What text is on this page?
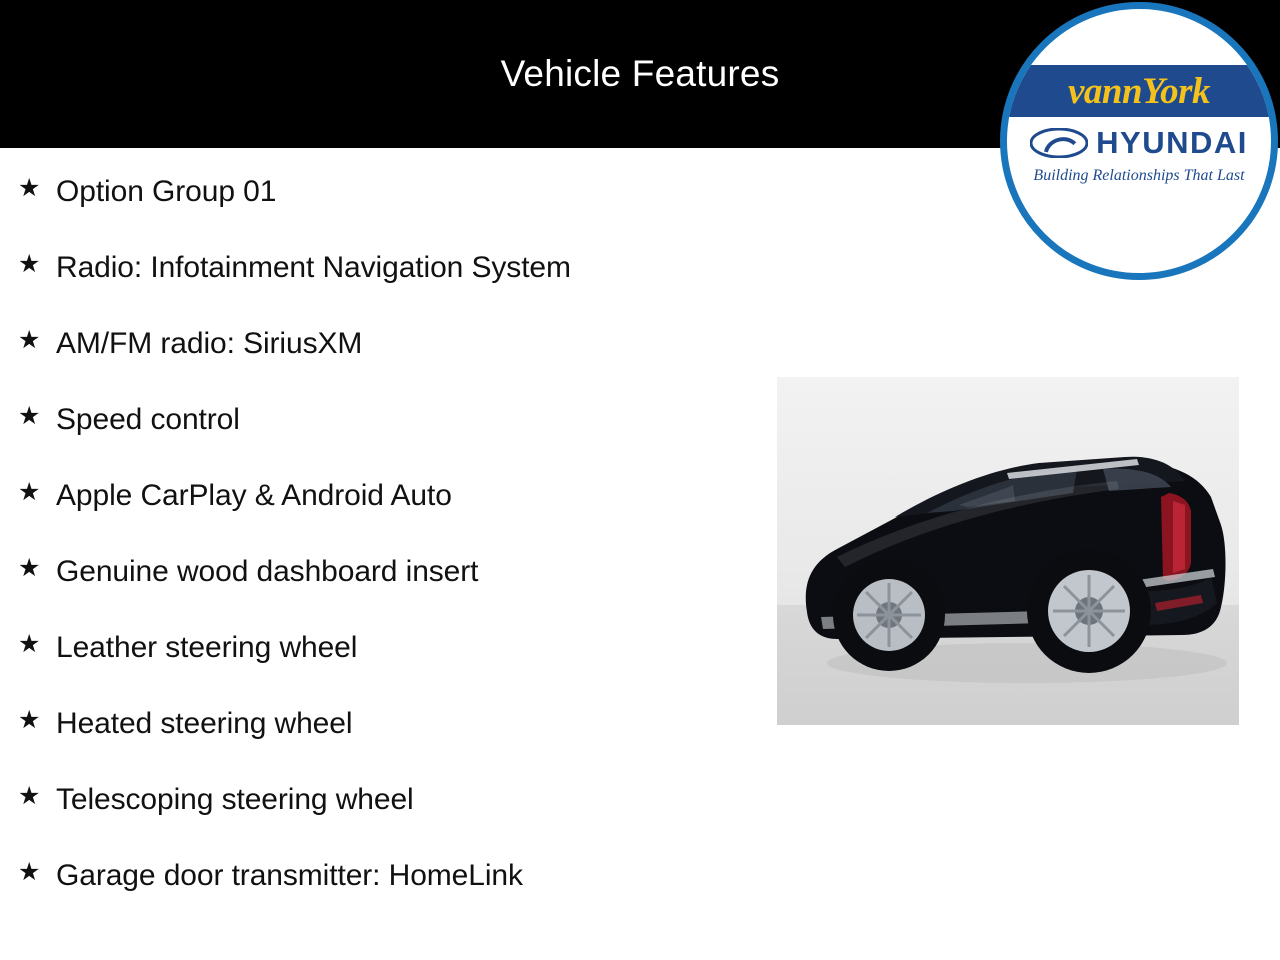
Vehicle Features
★ Option Group 01
★ Radio: Infotainment Navigation System
★ AM/FM radio: SiriusXM
★ Speed control
★ Apple CarPlay & Android Auto
★ Genuine wood dashboard insert
★ Leather steering wheel
★ Heated steering wheel
★ Telescoping steering wheel
★ Garage door transmitter: HomeLink
vannYork
HYUNDAI
Building Relationships That Last
